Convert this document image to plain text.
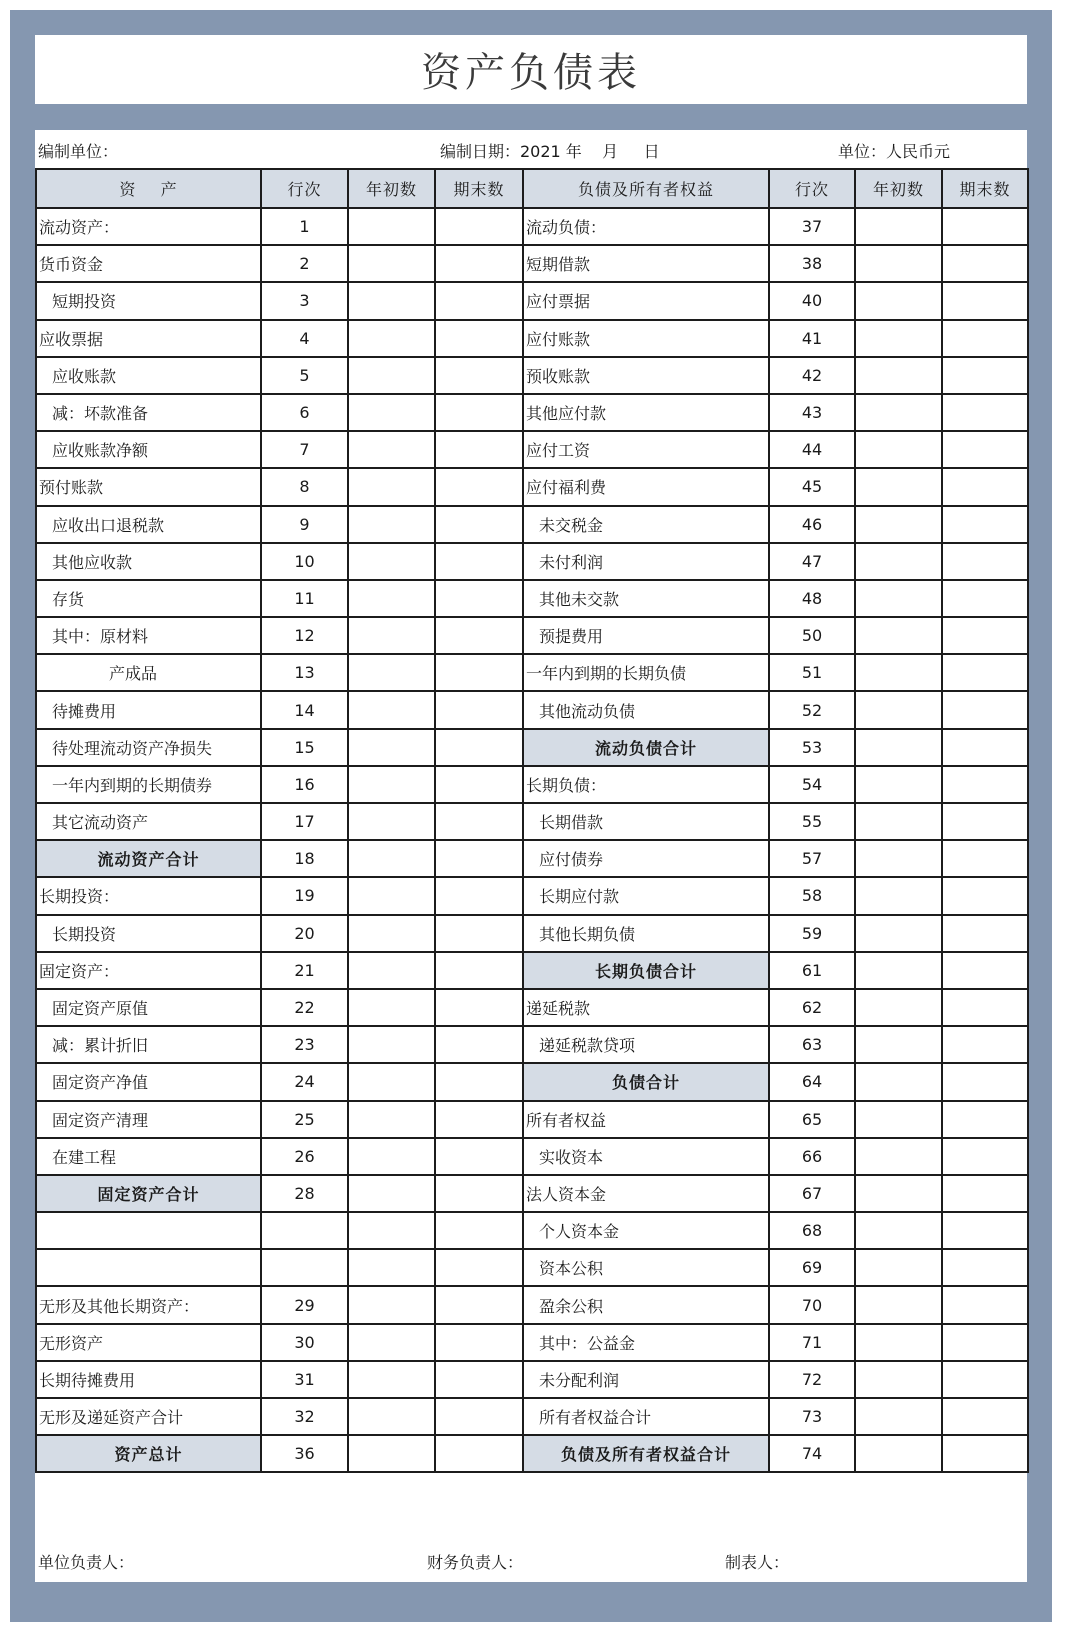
资产负债表
编制单位：	编制日期：2021 年    月     日	单位：人民币元
资    产	行次	年初数	期末数	负债及所有者权益	行次	年初数	期末数
流动资产：	1			流动负债：	37		
货币资金	2			短期借款	38		
短期投资	3			应付票据	40		
应收票据	4			应付账款	41		
应收账款	5			预收账款	42		
减：坏款准备	6			其他应付款	43		
应收账款净额	7			应付工资	44		
预付账款	8			应付福利费	45		
应收出口退税款	9			未交税金	46		
其他应收款	10			未付利润	47		
存货	11			其他未交款	48		
其中：原材料	12			预提费用	50		
产成品	13			一年内到期的长期负债	51		
待摊费用	14			其他流动负债	52		
待处理流动资产净损失	15			流动负债合计	53		
一年内到期的长期债券	16			长期负债：	54		
其它流动资产	17			长期借款	55		
流动资产合计	18			应付债券	57		
长期投资：	19			长期应付款	58		
长期投资	20			其他长期负债	59		
固定资产：	21			长期负债合计	61		
固定资产原值	22			递延税款	62		
减：累计折旧	23			递延税款贷项	63		
固定资产净值	24			负债合计	64		
固定资产清理	25			所有者权益	65		
在建工程	26			实收资本	66		
固定资产合计	28			法人资本金	67		
				个人资本金	68		
				资本公积	69		
无形及其他长期资产：	29			盈余公积	70		
无形资产	30			其中：公益金	71		
长期待摊费用	31			未分配利润	72		
无形及递延资产合计	32			所有者权益合计	73		
资产总计	36			负债及所有者权益合计	74		
单位负责人：	财务负责人：	制表人：
